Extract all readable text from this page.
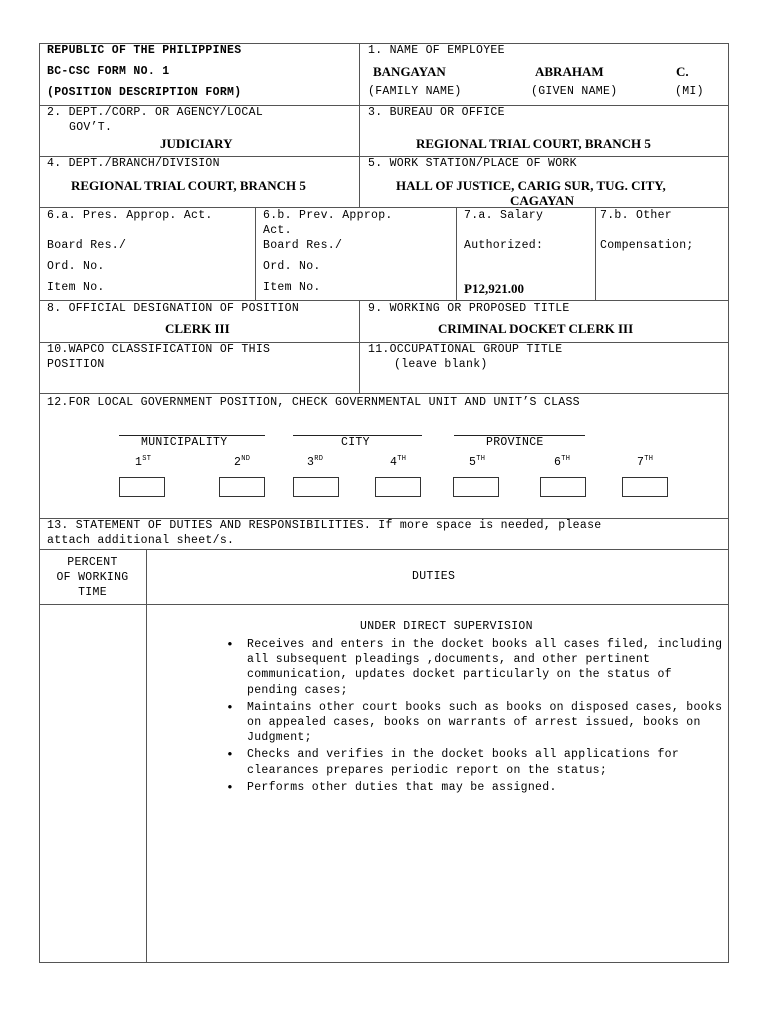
REPUBLIC OF THE PHILIPPINES
BC-CSC FORM NO. 1
(POSITION DESCRIPTION FORM)
1. NAME OF EMPLOYEE
BANGAYAN	ABRAHAM	C.
(FAMILY NAME)	(GIVEN NAME)	(MI)
2. DEPT./CORP. OR AGENCY/LOCAL
GOV’T.
JUDICIARY
3. BUREAU OR OFFICE
REGIONAL TRIAL COURT, BRANCH 5
4. DEPT./BRANCH/DIVISION
REGIONAL TRIAL COURT, BRANCH 5
5. WORK STATION/PLACE OF WORK
HALL OF JUSTICE, CARIG SUR, TUG. CITY,
CAGAYAN
6.a. Pres. Approp. Act.
Board Res./
Ord. No.
Item No.
6.b. Prev. Approp.
Act.
Board Res./
Ord. No.
Item No.
7.a. Salary
Authorized:
P12,921.00
7.b. Other
Compensation;
8. OFFICIAL DESIGNATION OF POSITION
CLERK III
9. WORKING OR PROPOSED TITLE
CRIMINAL DOCKET CLERK III
10.WAPCO CLASSIFICATION OF THIS
POSITION
11.OCCUPATIONAL GROUP TITLE
(leave blank)
12.FOR LOCAL GOVERNMENT POSITION, CHECK GOVERNMENTAL UNIT AND UNIT’S CLASS
MUNICIPALITY	CITY	PROVINCE
1ST	2ND	3RD	4TH	5TH	6TH	7TH
13. STATEMENT OF DUTIES AND RESPONSIBILITIES. If more space is needed, please
attach additional sheet/s.
PERCENT
OF WORKING
TIME
DUTIES
UNDER DIRECT SUPERVISION
• Receives and enters in the docket books all cases filed, including all subsequent pleadings ,documents, and other pertinent communication, updates docket particularly on the status of pending cases;
• Maintains other court books such as books on disposed cases, books on appealed cases, books on warrants of arrest issued, books on Judgment;
• Checks and verifies in the docket books all applications for clearances prepares periodic report on the status;
• Performs other duties that may be assigned.
